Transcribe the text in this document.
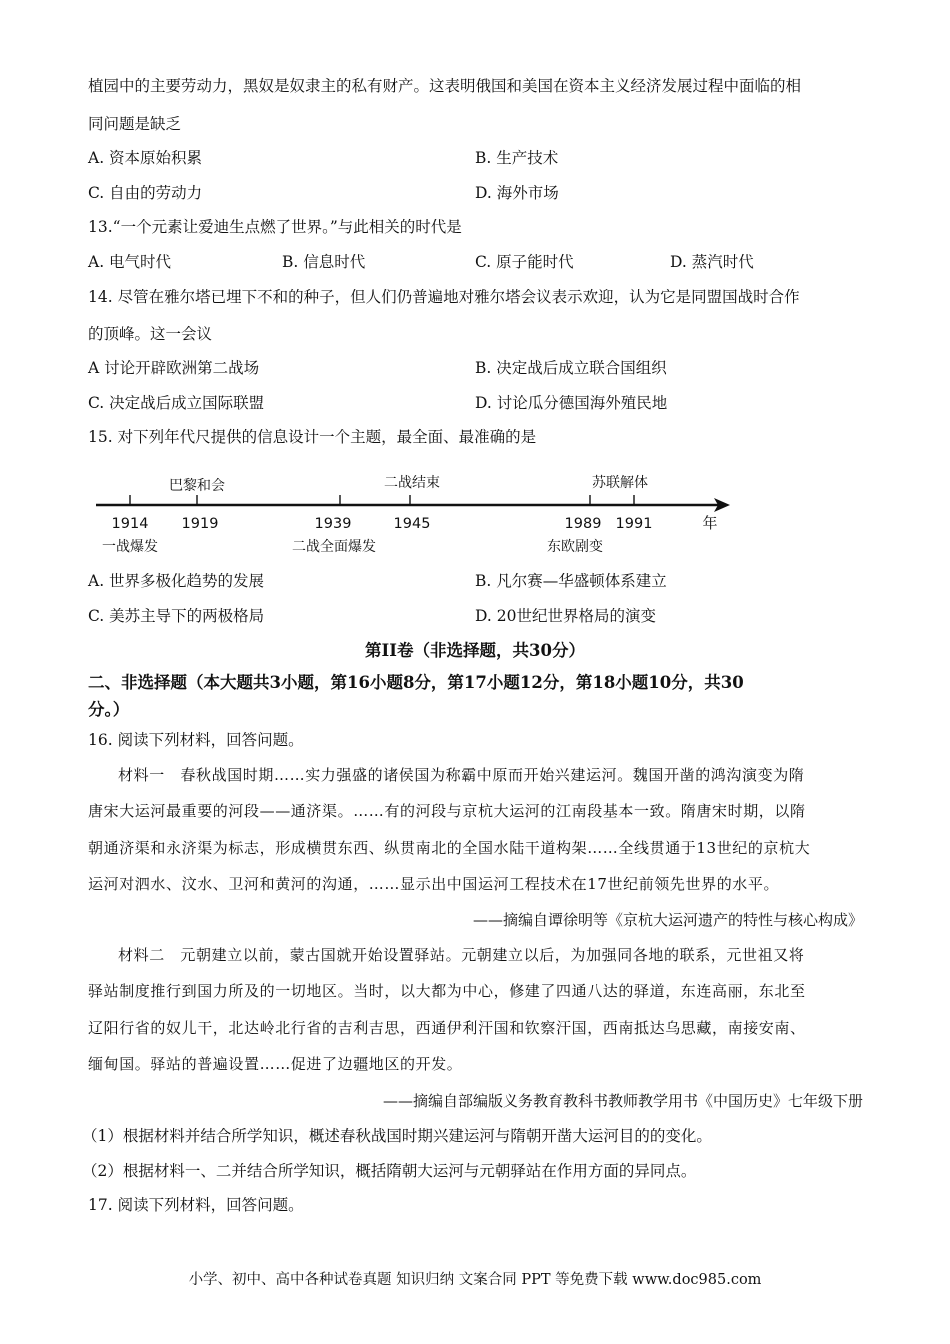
植园中的主要劳动力，黑奴是奴隶主的私有财产。这表明俄国和美国在资本主义经济发展过程中面临的相
同问题是缺乏
A. 资本原始积累	B. 生产技术
C. 自由的劳动力	D. 海外市场
13.“一个元素让爱迪生点燃了世界。”与此相关的时代是
A. 电气时代	B. 信息时代	C. 原子能时代	D. 蒸汽时代
14. 尽管在雅尔塔已埋下不和的种子，但人们仍普遍地对雅尔塔会议表示欢迎，认为它是同盟国战时合作
的顶峰。这一会议
A 讨论开辟欧洲第二战场	B. 决定战后成立联合国组织
C. 决定战后成立国际联盟	D. 讨论瓜分德国海外殖民地
15. 对下列年代尺提供的信息设计一个主题，最全面、最准确的是
巴黎和会	二战结束	苏联解体
1914 1919	1939	1945	1989 1991	年
一战爆发	二战全面爆发	东欧剧变
A. 世界多极化趋势的发展	B. 凡尔赛—华盛顿体系建立
C. 美苏主导下的两极格局	D. 20世纪世界格局的演变
第II卷（非选择题，共30分）
二、非选择题（本大题共3小题，第16小题8分，第17小题12分，第18小题10分，共30
分。）
16. 阅读下列材料，回答问题。
材料一　春秋战国时期……实力强盛的诸侯国为称霸中原而开始兴建运河。魏国开凿的鸿沟演变为隋
唐宋大运河最重要的河段——通济渠。……有的河段与京杭大运河的江南段基本一致。隋唐宋时期，以隋
朝通济渠和永济渠为标志，形成横贯东西、纵贯南北的全国水陆干道构架……全线贯通于13世纪的京杭大
运河对泗水、汶水、卫河和黄河的沟通，……显示出中国运河工程技术在17世纪前领先世界的水平。
——摘编自谭徐明等《京杭大运河遗产的特性与核心构成》
材料二　元朝建立以前，蒙古国就开始设置驿站。元朝建立以后，为加强同各地的联系，元世祖又将
驿站制度推行到国力所及的一切地区。当时，以大都为中心，修建了四通八达的驿道，东连高丽，东北至
辽阳行省的奴儿干，北达岭北行省的吉利吉思，西通伊利汗国和钦察汗国，西南抵达乌思藏，南接安南、
缅甸国。驿站的普遍设置……促进了边疆地区的开发。
——摘编自部编版义务教育教科书教师教学用书《中国历史》七年级下册
（1）根据材料并结合所学知识，概述春秋战国时期兴建运河与隋朝开凿大运河目的的变化。
（2）根据材料一、二并结合所学知识，概括隋朝大运河与元朝驿站在作用方面的异同点。
17. 阅读下列材料，回答问题。
小学、初中、高中各种试卷真题 知识归纳 文案合同 PPT 等免费下载 www.doc985.com
